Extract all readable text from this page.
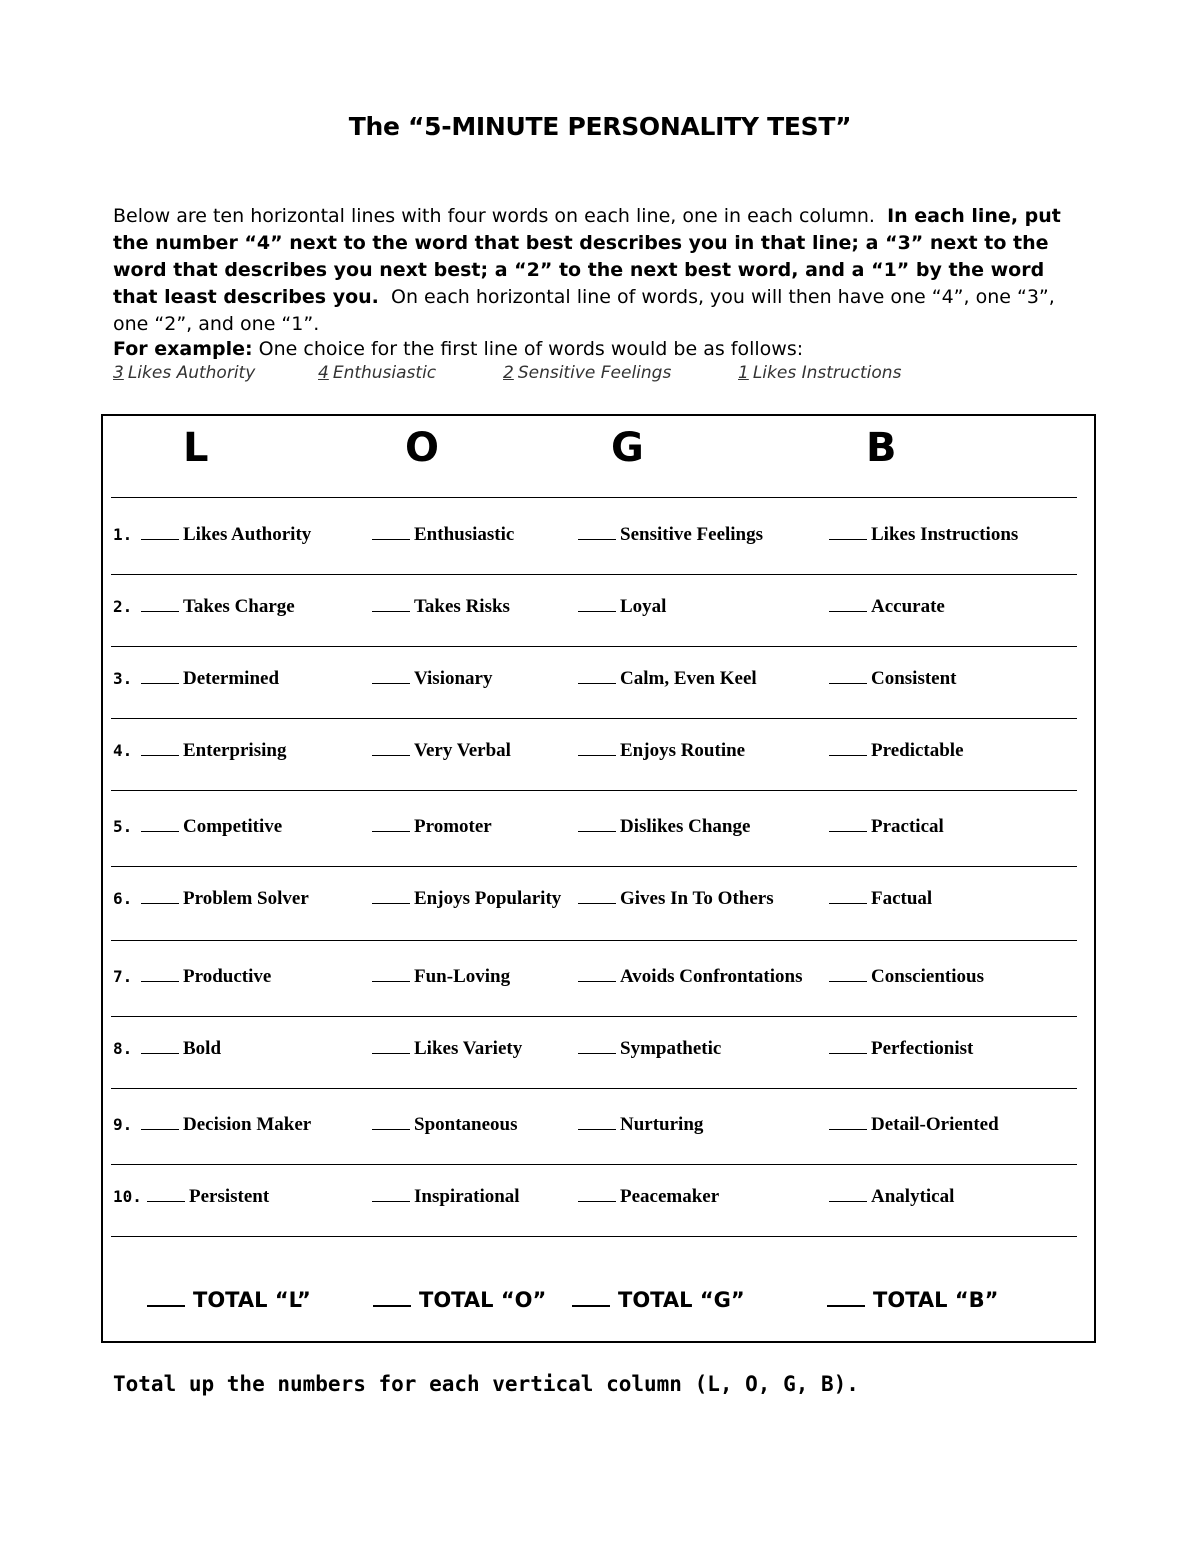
The “5-MINUTE PERSONALITY TEST”
Below are ten horizontal lines with four words on each line, one in each column. In each line, put the number “4” next to the word that best describes you in that line; a “3” next to the word that describes you next best; a “2” to the next best word, and a “1” by the word that least describes you. On each horizontal line of words, you will then have one “4”, one “3”, one “2”, and one “1”.
For example: One choice for the first line of words would be as follows:
3 Likes Authority	4 Enthusiastic	2 Sensitive Feelings	1 Likes Instructions
L	O	G	B
1.	Likes Authority	Enthusiastic	Sensitive Feelings	Likes Instructions
2.	Takes Charge	Takes Risks	Loyal	Accurate
3.	Determined	Visionary	Calm, Even Keel	Consistent
4.	Enterprising	Very Verbal	Enjoys Routine	Predictable
5.	Competitive	Promoter	Dislikes Change	Practical
6.	Problem Solver	Enjoys Popularity	Gives In To Others	Factual
7.	Productive	Fun-Loving	Avoids Confrontations	Conscientious
8.	Bold	Likes Variety	Sympathetic	Perfectionist
9.	Decision Maker	Spontaneous	Nurturing	Detail-Oriented
10.	Persistent	Inspirational	Peacemaker	Analytical
TOTAL “L”	TOTAL “O”	TOTAL “G”	TOTAL “B”
Total up the numbers for each vertical column (L, O, G, B).
